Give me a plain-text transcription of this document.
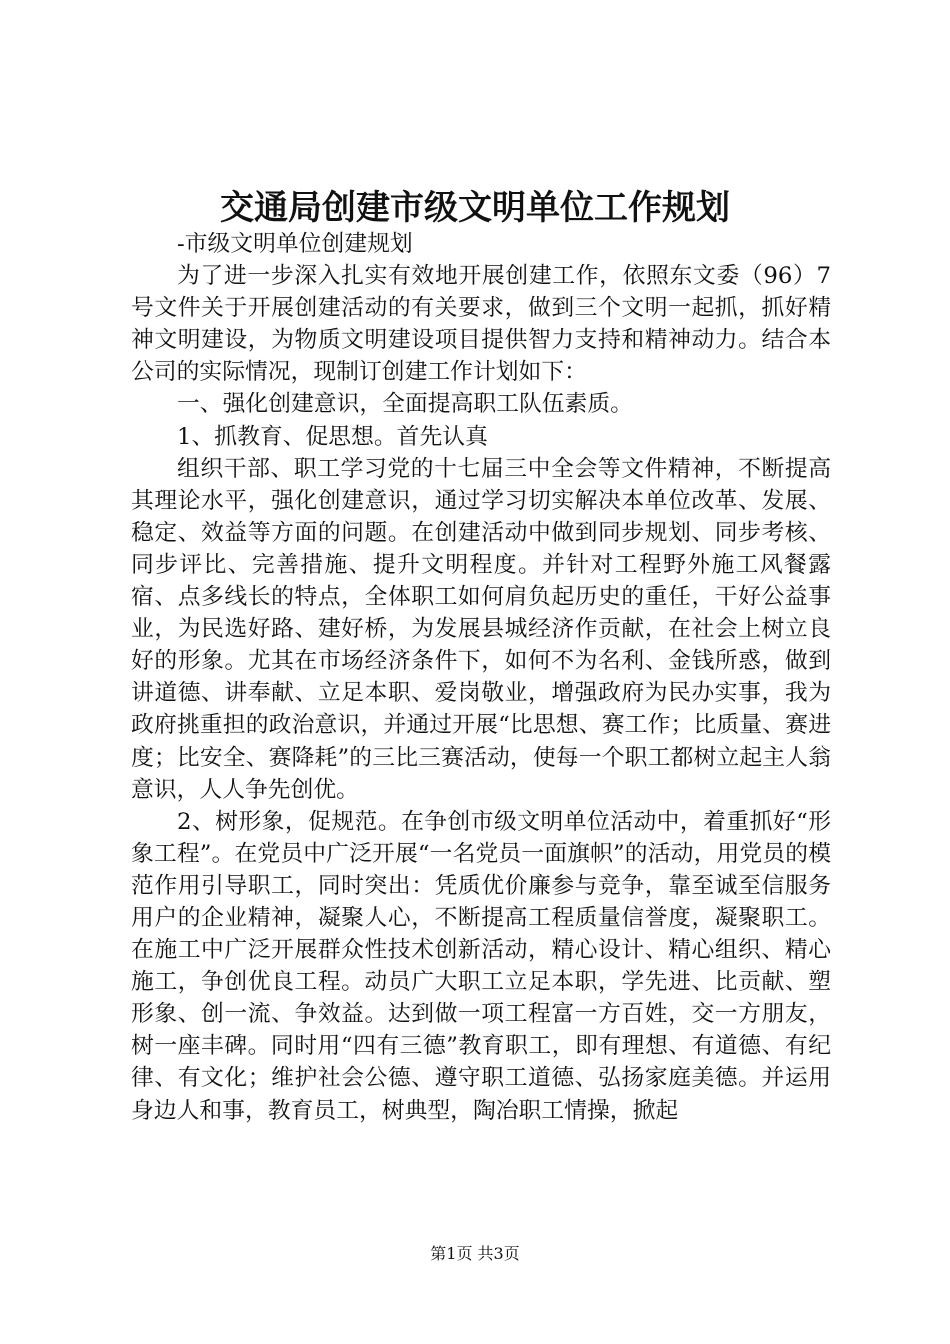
交通局创建市级文明单位工作规划

-市级文明单位创建规划

为了进一步深入扎实有效地开展创建工作，依照东文委（96）7号文件关于开展创建活动的有关要求，做到三个文明一起抓，抓好精神文明建设，为物质文明建设项目提供智力支持和精神动力。结合本公司的实际情况，现制订创建工作计划如下：

一、强化创建意识，全面提高职工队伍素质。

1、抓教育、促思想。首先认真

组织干部、职工学习党的十七届三中全会等文件精神，不断提高其理论水平，强化创建意识，通过学习切实解决本单位改革、发展、稳定、效益等方面的问题。在创建活动中做到同步规划、同步考核、同步评比、完善措施、提升文明程度。并针对工程野外施工风餐露宿、点多线长的特点，全体职工如何肩负起历史的重任，干好公益事业，为民选好路、建好桥，为发展县城经济作贡献，在社会上树立良好的形象。尤其在市场经济条件下，如何不为名利、金钱所惑，做到讲道德、讲奉献、立足本职、爱岗敬业，增强政府为民办实事，我为政府挑重担的政治意识，并通过开展“比思想、赛工作；比质量、赛进度；比安全、赛降耗”的三比三赛活动，使每一个职工都树立起主人翁意识，人人争先创优。

2、树形象，促规范。在争创市级文明单位活动中，着重抓好“形象工程”。在党员中广泛开展“一名党员一面旗帜”的活动，用党员的模范作用引导职工，同时突出：凭质优价廉参与竞争，靠至诚至信服务用户的企业精神，凝聚人心，不断提高工程质量信誉度，凝聚职工。在施工中广泛开展群众性技术创新活动，精心设计、精心组织、精心施工，争创优良工程。动员广大职工立足本职，学先进、比贡献、塑形象、创一流、争效益。达到做一项工程富一方百姓，交一方朋友，树一座丰碑。同时用“四有三德”教育职工，即有理想、有道德、有纪律、有文化；维护社会公德、遵守职工道德、弘扬家庭美德。并运用身边人和事，教育员工，树典型，陶冶职工情操，掀起

第1页 共3页
